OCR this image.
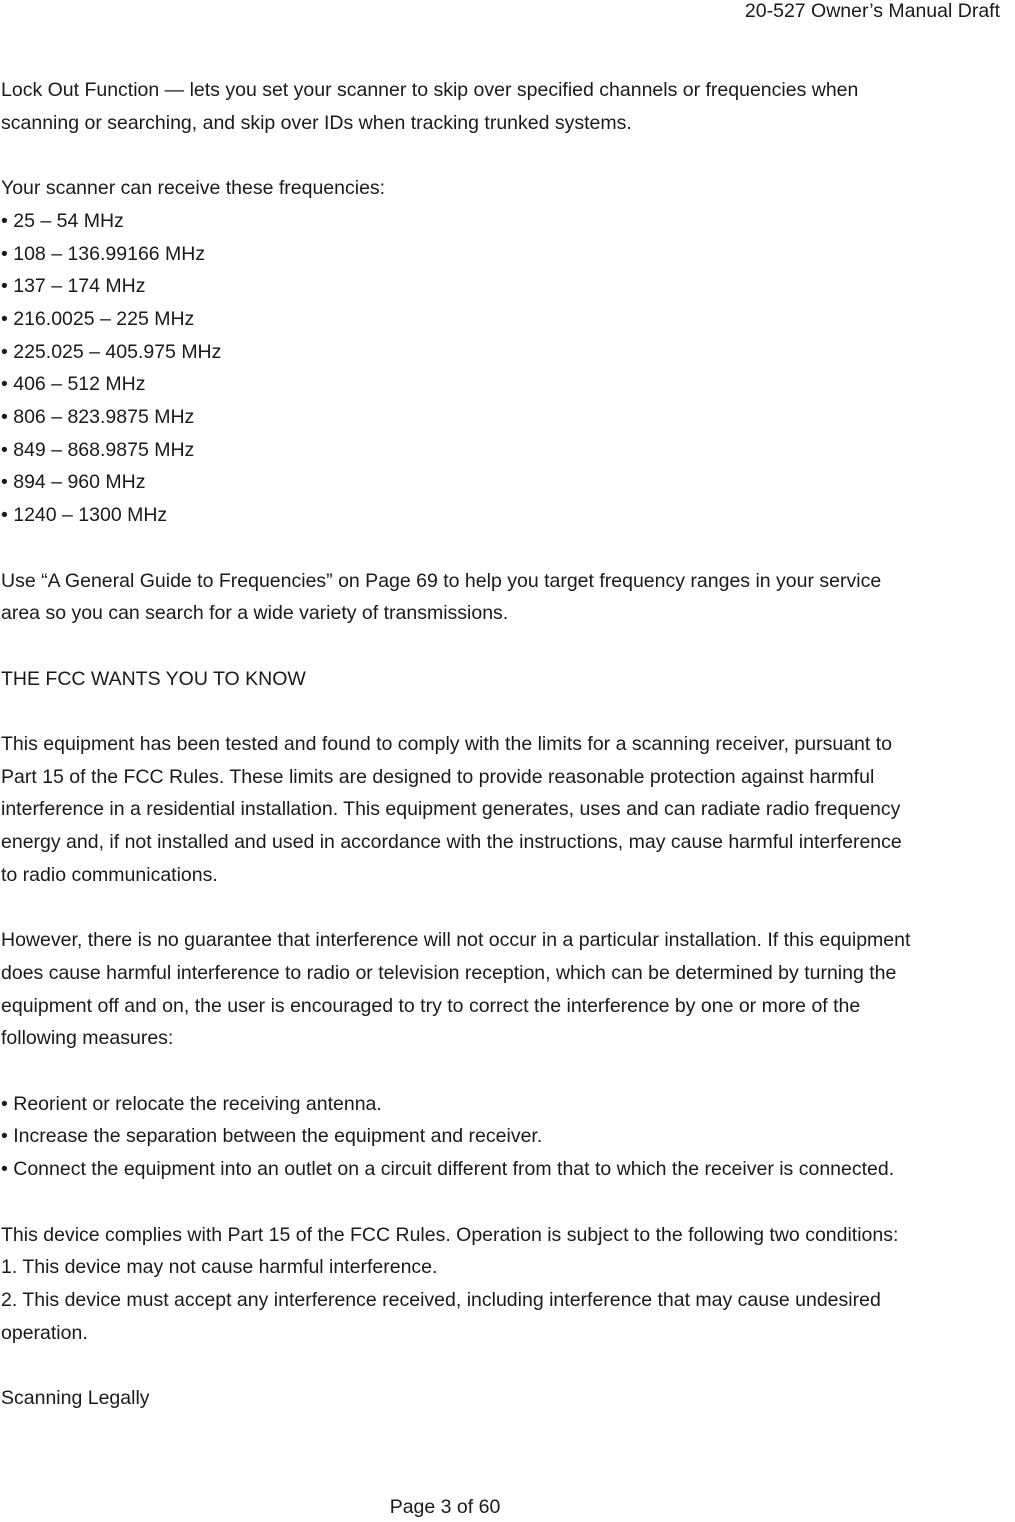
20-527 Owner’s Manual Draft

Lock Out Function — lets you set your scanner to skip over specified channels or frequencies when

scanning or searching, and skip over IDs when tracking trunked systems.

Your scanner can receive these frequencies:

• 25 – 54 MHz

• 108 – 136.99166 MHz

• 137 – 174 MHz

• 216.0025 – 225 MHz

• 225.025 – 405.975 MHz

• 406 – 512 MHz

• 806 – 823.9875 MHz

• 849 – 868.9875 MHz

• 894 – 960 MHz

• 1240 – 1300 MHz

Use “A General Guide to Frequencies” on Page 69 to help you target frequency ranges in your service

area so you can search for a wide variety of transmissions.

THE FCC WANTS YOU TO KNOW

This equipment has been tested and found to comply with the limits for a scanning receiver, pursuant to

Part 15 of the FCC Rules. These limits are designed to provide reasonable protection against harmful

interference in a residential installation. This equipment generates, uses and can radiate radio frequency

energy and, if not installed and used in accordance with the instructions, may cause harmful interference

to radio communications.

However, there is no guarantee that interference will not occur in a particular installation. If this equipment

does cause harmful interference to radio or television reception, which can be determined by turning the

equipment off and on, the user is encouraged to try to correct the interference by one or more of the

following measures:

• Reorient or relocate the receiving antenna.

• Increase the separation between the equipment and receiver.

• Connect the equipment into an outlet on a circuit different from that to which the receiver is connected.

This device complies with Part 15 of the FCC Rules. Operation is subject to the following two conditions:

1. This device may not cause harmful interference.

2. This device must accept any interference received, including interference that may cause undesired

operation.

Scanning Legally

Page 3 of 60
